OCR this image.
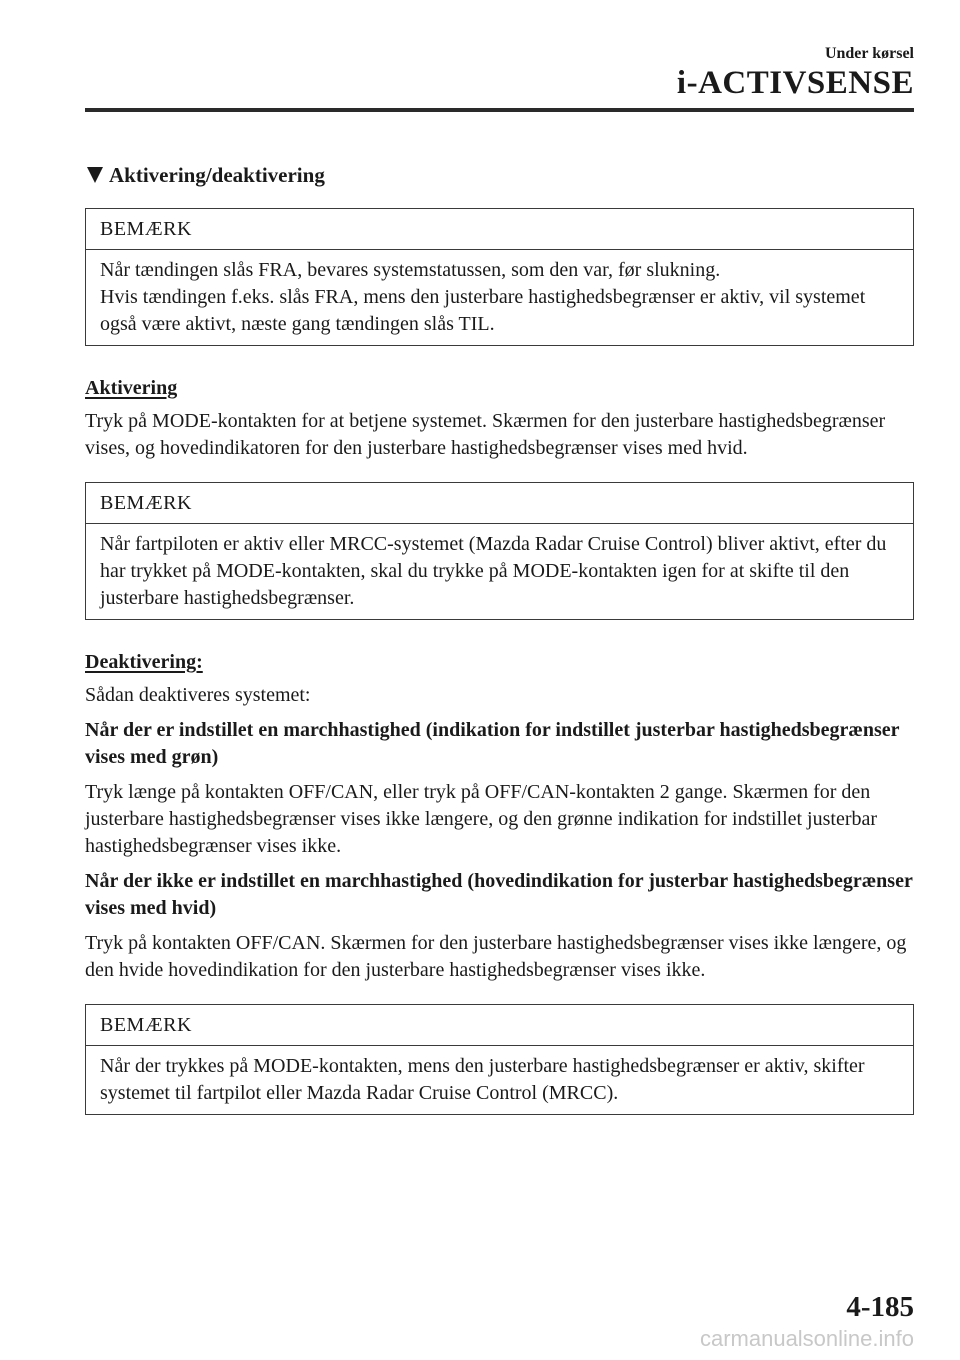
Under kørsel
i-ACTIVSENSE
Aktivering/deaktivering
BEMÆRK

Når tændingen slås FRA, bevares systemstatussen, som den var, før slukning.

Hvis tændingen f.eks. slås FRA, mens den justerbare hastighedsbegrænser er aktiv, vil systemet også være aktivt, næste gang tændingen slås TIL.

Aktivering

Tryk på MODE-kontakten for at betjene systemet. Skærmen for den justerbare hastighedsbegrænser vises, og hovedindikatoren for den justerbare hastighedsbegrænser vises med hvid.

BEMÆRK

Når fartpiloten er aktiv eller MRCC-systemet (Mazda Radar Cruise Control) bliver aktivt, efter du har trykket på MODE-kontakten, skal du trykke på MODE-kontakten igen for at skifte til den justerbare hastighedsbegrænser.

Deaktivering:

Sådan deaktiveres systemet:

Når der er indstillet en marchhastighed (indikation for indstillet justerbar hastighedsbegrænser vises med grøn)

Tryk længe på kontakten OFF/CAN, eller tryk på OFF/CAN-kontakten 2 gange. Skærmen for den justerbare hastighedsbegrænser vises ikke længere, og den grønne indikation for indstillet justerbar hastighedsbegrænser vises ikke.

Når der ikke er indstillet en marchhastighed (hovedindikation for justerbar hastighedsbegrænser vises med hvid)

Tryk på kontakten OFF/CAN. Skærmen for den justerbare hastighedsbegrænser vises ikke længere, og den hvide hovedindikation for den justerbare hastighedsbegrænser vises ikke.

BEMÆRK

Når der trykkes på MODE-kontakten, mens den justerbare hastighedsbegrænser er aktiv, skifter systemet til fartpilot eller Mazda Radar Cruise Control (MRCC).

4-185
carmanualsonline.info
